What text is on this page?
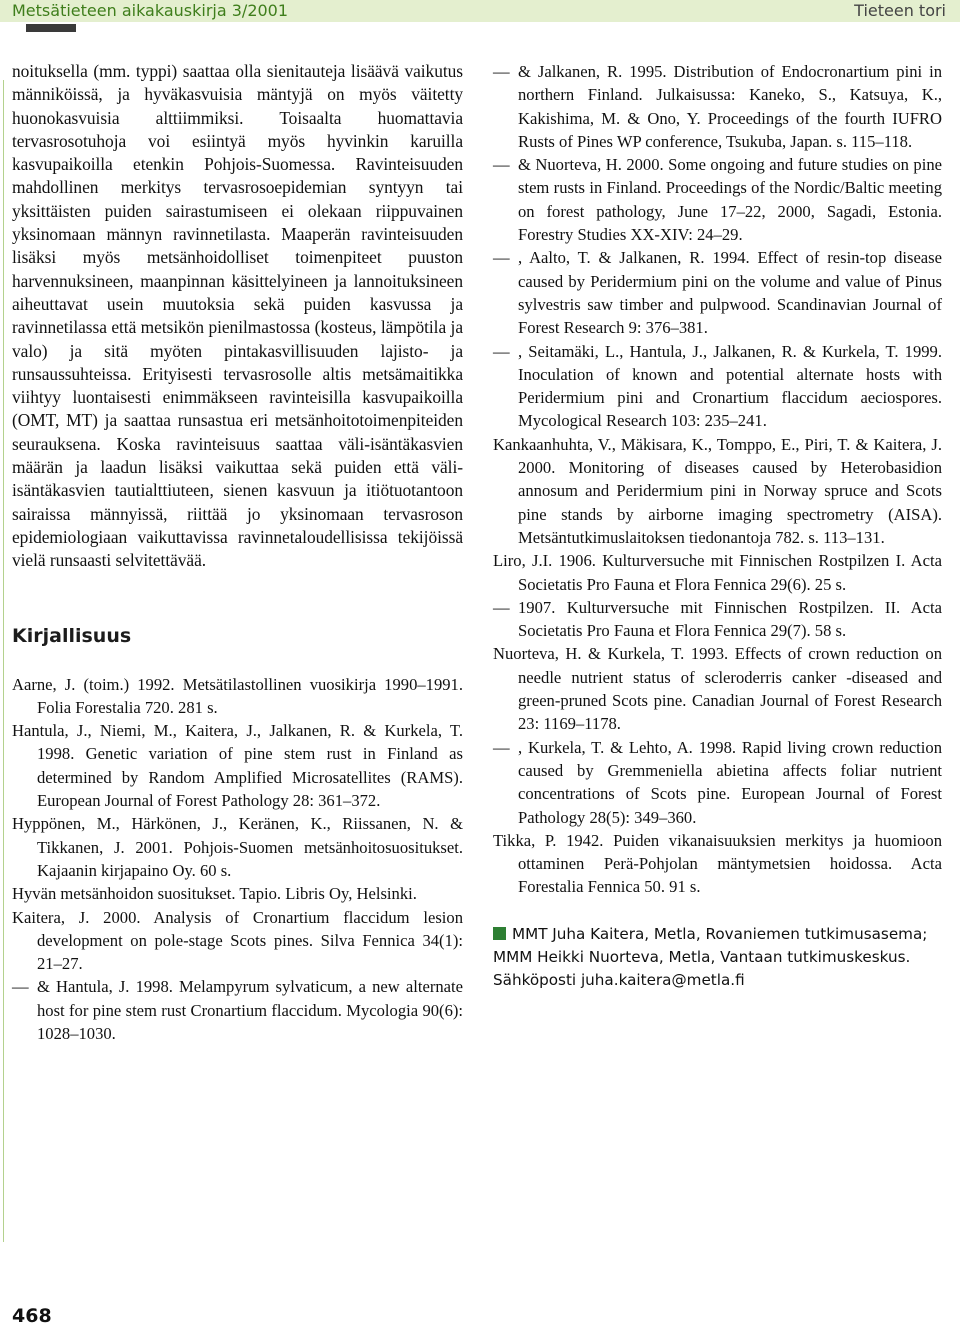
Metsätieteen aikakauskirja 3/2001	Tieteen tori

noituksella (mm. typpi) saattaa olla sienitauteja lisäävä vaikutus männiköissä, ja hyväkasvuisia mäntyjä on myös väitetty huonokasvuisia alttiimmiksi. Toisaalta huomattavia tervasrosotuhoja voi esiintyä myös hyvinkin karuilla kasvupaikoilla etenkin Pohjois-Suomessa. Ravinteisuuden mahdollinen merkitys tervasrosoepidemian syntyyn tai yksittäisten puiden sairastumiseen ei olekaan riippuvainen yksinomaan männyn ravinnetilasta. Maaperän ravinteisuuden lisäksi myös metsänhoidolliset toimenpiteet puuston harvennuksineen, maanpinnan käsittelyineen ja lannoituksineen aiheuttavat usein muutoksia sekä puiden kasvussa ja ravinnetilassa että metsikön pienilmastossa (kosteus, lämpötila ja valo) ja sitä myöten pintakasvillisuuden lajisto- ja runsaussuhteissa. Erityisesti tervasrosolle altis metsämaitikka viihtyy luontaisesti enimmäkseen ravinteisilla kasvupaikoilla (OMT, MT) ja saattaa runsastua eri metsänhoitotoimenpiteiden seurauksena. Koska ravinteisuus saattaa väli-isäntäkasvien määrän ja laadun lisäksi vaikuttaa sekä puiden että väli-isäntäkasvien tautialttiuteen, sienen kasvuun ja itiötuotantoon sairaissa männyissä, riittää jo yksinomaan tervasroson epidemiologiaan vaikuttavissa ravinnetaloudellisissa tekijöissä vielä runsaasti selvitettävää.

Kirjallisuus

Aarne, J. (toim.) 1992. Metsätilastollinen vuosikirja 1990–1991. Folia Forestalia 720. 281 s.

Hantula, J., Niemi, M., Kaitera, J., Jalkanen, R. & Kurkela, T. 1998. Genetic variation of pine stem rust in Finland as determined by Random Amplified Microsatellites (RAMS). European Journal of Forest Pathology 28: 361–372.

Hyppönen, M., Härkönen, J., Keränen, K., Riissanen, N. & Tikkanen, J. 2001. Pohjois-Suomen metsänhoitosuositukset. Kajaanin kirjapaino Oy. 60 s.

Hyvän metsänhoidon suositukset. Tapio. Libris Oy, Helsinki.

Kaitera, J. 2000. Analysis of Cronartium flaccidum lesion development on pole-stage Scots pines. Silva Fennica 34(1): 21–27.

— & Hantula, J. 1998. Melampyrum sylvaticum, a new alternate host for pine stem rust Cronartium flaccidum. Mycologia 90(6): 1028–1030.

— & Jalkanen, R. 1995. Distribution of Endocronartium pini in northern Finland. Julkaisussa: Kaneko, S., Katsuya, K., Kakishima, M. & Ono, Y. Proceedings of the fourth IUFRO Rusts of Pines WP conference, Tsukuba, Japan. s. 115–118.

— & Nuorteva, H. 2000. Some ongoing and future studies on pine stem rusts in Finland. Proceedings of the Nordic/Baltic meeting on forest pathology, June 17–22, 2000, Sagadi, Estonia. Forestry Studies XX-XIV: 24–29.

— , Aalto, T. & Jalkanen, R. 1994. Effect of resin-top disease caused by Peridermium pini on the volume and value of Pinus sylvestris saw timber and pulpwood. Scandinavian Journal of Forest Research 9: 376–381.

— , Seitamäki, L., Hantula, J., Jalkanen, R. & Kurkela, T. 1999. Inoculation of known and potential alternate hosts with Peridermium pini and Cronartium flaccidum aeciospores. Mycological Research 103: 235–241.

Kankaanhuhta, V., Mäkisara, K., Tomppo, E., Piri, T. & Kaitera, J. 2000. Monitoring of diseases caused by Heterobasidion annosum and Peridermium pini in Norway spruce and Scots pine stands by airborne imaging spectrometry (AISA). Metsäntutkimuslaitoksen tiedonantoja 782. s. 113–131.

Liro, J.I. 1906. Kulturversuche mit Finnischen Rostpilzen I. Acta Societatis Pro Fauna et Flora Fennica 29(6). 25 s.

— 1907. Kulturversuche mit Finnischen Rostpilzen. II. Acta Societatis Pro Fauna et Flora Fennica 29(7). 58 s.

Nuorteva, H. & Kurkela, T. 1993. Effects of crown reduction on needle nutrient status of scleroderris canker -diseased and green-pruned Scots pine. Canadian Journal of Forest Research 23: 1169–1178.

— , Kurkela, T. & Lehto, A. 1998. Rapid living crown reduction caused by Gremmeniella abietina affects foliar nutrient concentrations of Scots pine. European Journal of Forest Pathology 28(5): 349–360.

Tikka, P. 1942. Puiden vikanaisuuksien merkitys ja huomioon ottaminen Perä-Pohjolan mäntymetsien hoidossa. Acta Forestalia Fennica 50. 91 s.

MMT Juha Kaitera, Metla, Rovaniemen tutkimusasema; MMM Heikki Nuorteva, Metla, Vantaan tutkimuskeskus. Sähköposti juha.kaitera@metla.fi
468
